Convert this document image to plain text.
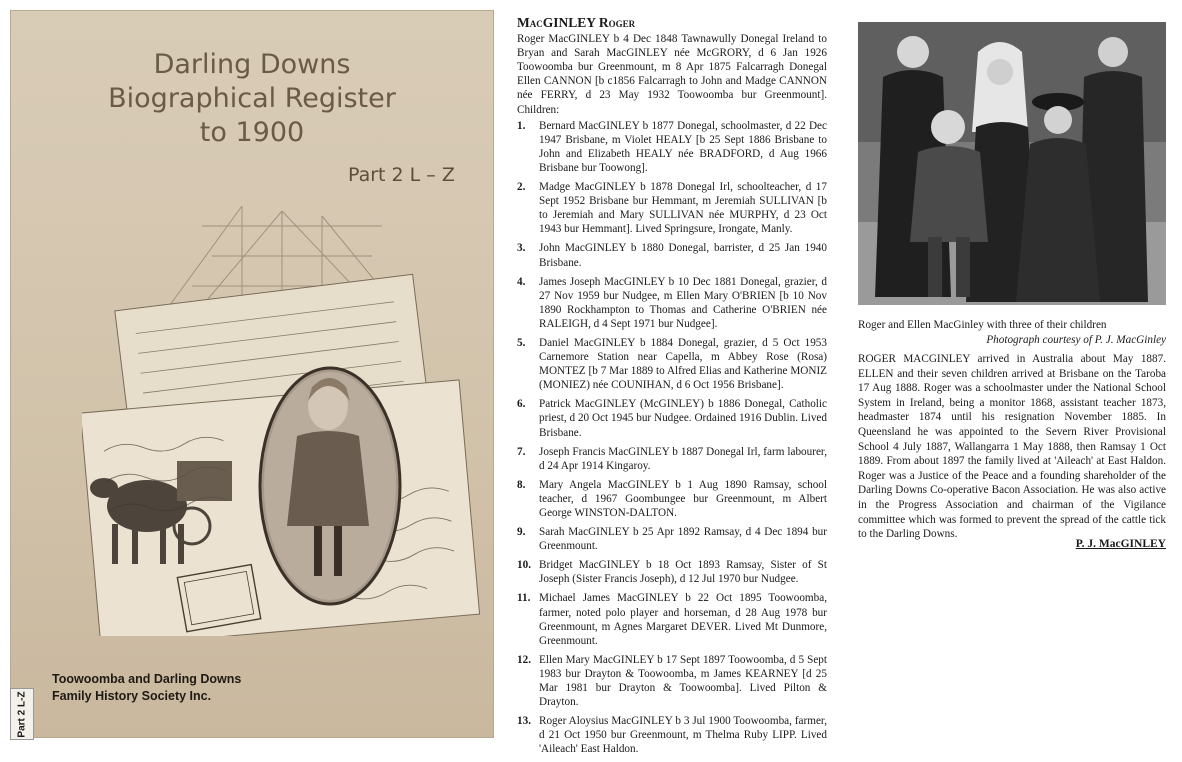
Darling Downs
Biographical Register
to 1900
Part 2 L – Z
Toowoomba and Darling Downs
Family History Society Inc.
Part 2 L-Z
MacGINLEY Roger

Roger MacGINLEY b 4 Dec 1848 Tawnawully Donegal Ireland to Bryan and Sarah MacGINLEY née McGRORY, d 6 Jan 1926 Toowoomba bur Greenmount, m 8 Apr 1875 Falcarragh Donegal Ellen CANNON [b c1856 Falcarragh to John and Madge CANNON née FERRY, d 23 May 1932 Toowoomba bur Greenmount]. Children:

1.	Bernard MacGINLEY b 1877 Donegal, schoolmaster, d 22 Dec 1947 Brisbane, m Violet HEALY [b 25 Sept 1886 Brisbane to John and Elizabeth HEALY née BRADFORD, d Aug 1966 Brisbane bur Toowong].
2.	Madge MacGINLEY b 1878 Donegal Irl, schoolteacher, d 17 Sept 1952 Brisbane bur Hemmant, m Jeremiah SULLIVAN [b to Jeremiah and Mary SULLIVAN née MURPHY, d 23 Oct 1943 bur Hemmant]. Lived Springsure, Irongate, Manly.
3.	John MacGINLEY b 1880 Donegal, barrister, d 25 Jan 1940 Brisbane.
4.	James Joseph MacGINLEY b 10 Dec 1881 Donegal, grazier, d 27 Nov 1959 bur Nudgee, m Ellen Mary O'BRIEN [b 10 Nov 1890 Rockhampton to Thomas and Catherine O'BRIEN née RALEIGH, d 4 Sept 1971 bur Nudgee].
5.	Daniel MacGINLEY b 1884 Donegal, grazier, d 5 Oct 1953 Carnemore Station near Capella, m Abbey Rose (Rosa) MONTEZ [b 7 Mar 1889 to Alfred Elias and Katherine MONIZ (MONIEZ) née COUNIHAN, d 6 Oct 1956 Brisbane].
6.	Patrick MacGINLEY (McGINLEY) b 1886 Donegal, Catholic priest, d 20 Oct 1945 bur Nudgee. Ordained 1916 Dublin. Lived Brisbane.
7.	Joseph Francis MacGINLEY b 1887 Donegal Irl, farm labourer, d 24 Apr 1914 Kingaroy.
8.	Mary Angela MacGINLEY b 1 Aug 1890 Ramsay, school teacher, d 1967 Goombungee bur Greenmount, m Albert George WINSTON-DALTON.
9.	Sarah MacGINLEY b 25 Apr 1892 Ramsay, d 4 Dec 1894 bur Greenmount.
10. Bridget MacGINLEY b 18 Oct 1893 Ramsay, Sister of St Joseph (Sister Francis Joseph), d 12 Jul 1970 bur Nudgee.
11. Michael James MacGINLEY b 22 Oct 1895 Toowoomba, farmer, noted polo player and horseman, d 28 Aug 1978 bur Greenmount, m Agnes Margaret DEVER. Lived Mt Dunmore, Greenmount.
12. Ellen Mary MacGINLEY b 17 Sept 1897 Toowoomba, d 5 Sept 1983 bur Drayton & Toowoomba, m James KEARNEY [d 25 Mar 1981 bur Drayton & Toowoomba]. Lived Pilton & Drayton.
13. Roger Aloysius MacGINLEY b 3 Jul 1900 Toowoomba, farmer, d 21 Oct 1950 bur Greenmount, m Thelma Ruby LIPP. Lived 'Aileach' East Haldon.
Roger and Ellen MacGinley with three of their children
Photograph courtesy of P. J. MacGinley

ROGER MACGINLEY arrived in Australia about May 1887. ELLEN and their seven children arrived at Brisbane on the Taroba 17 Aug 1888. Roger was a schoolmaster under the National School System in Ireland, being a monitor 1868, assistant teacher 1873, headmaster 1874 until his resignation November 1885. In Queensland he was appointed to the Severn River Provisional School 4 July 1887, Wallangarra 1 May 1888, then Ramsay 1 Oct 1889. From about 1897 the family lived at 'Aileach' at East Haldon. Roger was a Justice of the Peace and a founding shareholder of the Darling Downs Co-operative Bacon Association. He was also active in the Progress Association and chairman of the Vigilance committee which was formed to prevent the spread of the cattle tick to the Darling Downs.

P. J. MacGINLEY
